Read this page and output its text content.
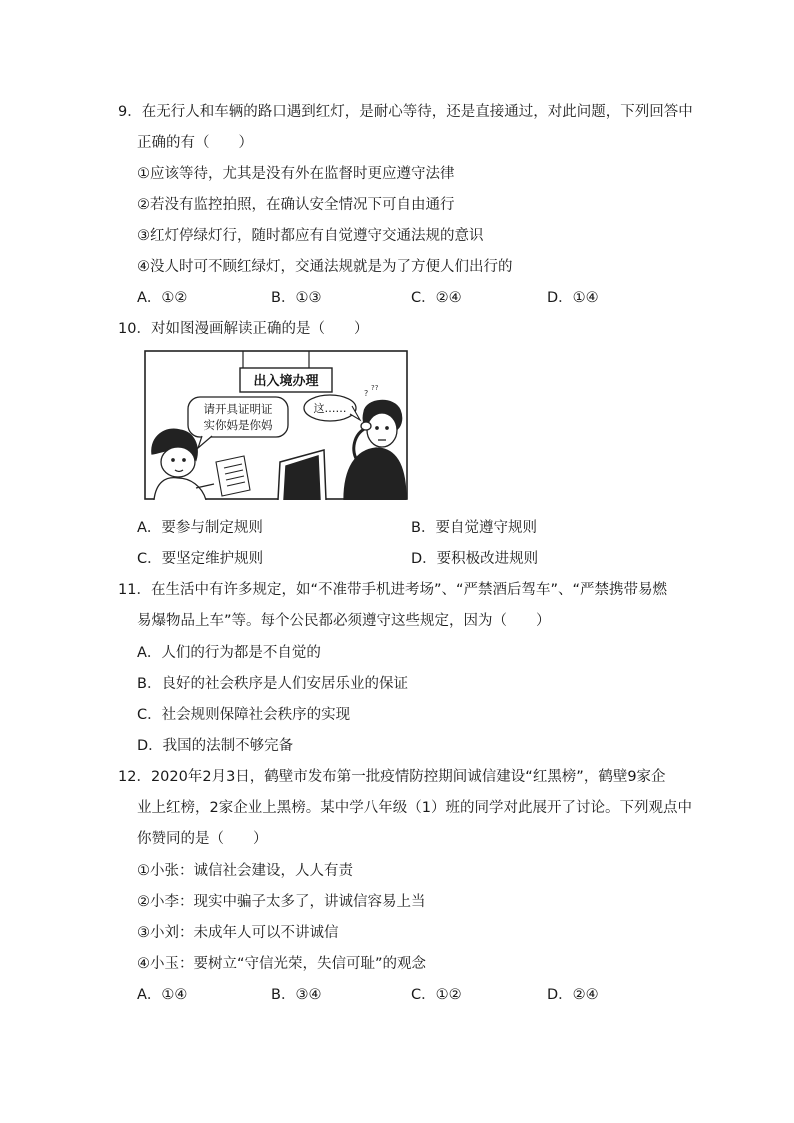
9．在无行人和车辆的路口遇到红灯，是耐心等待，还是直接通过，对此问题，下列回答中
正确的有（　　）
①应该等待，尤其是没有外在监督时更应遵守法律
②若没有监控拍照，在确认安全情况下可自由通行
③红灯停绿灯行，随时都应有自觉遵守交通法规的意识
④没人时可不顾红绿灯，交通法规就是为了方便人们出行的
A．①②	B．①③	C．②④	D．①④
10．对如图漫画解读正确的是（　　）
出入境办理
请开具证明证
实你妈是你妈
这……
?
??
A．要参与制定规则	B．要自觉遵守规则
C．要坚定维护规则	D．要积极改进规则
11．在生活中有许多规定，如“不准带手机进考场”、“严禁酒后驾车”、“严禁携带易燃
易爆物品上车”等。每个公民都必须遵守这些规定，因为（　　）
A．人们的行为都是不自觉的
B．良好的社会秩序是人们安居乐业的保证
C．社会规则保障社会秩序的实现
D．我国的法制不够完备
12．2020年2月3日，鹤壁市发布第一批疫情防控期间诚信建设“红黑榜”，鹤壁9家企
业上红榜，2家企业上黑榜。某中学八年级（1）班的同学对此展开了讨论。下列观点中
你赞同的是（　　）
①小张：诚信社会建设，人人有责
②小李：现实中骗子太多了，讲诚信容易上当
③小刘：未成年人可以不讲诚信
④小玉：要树立“守信光荣，失信可耻”的观念
A．①④	B．③④	C．①②	D．②④
